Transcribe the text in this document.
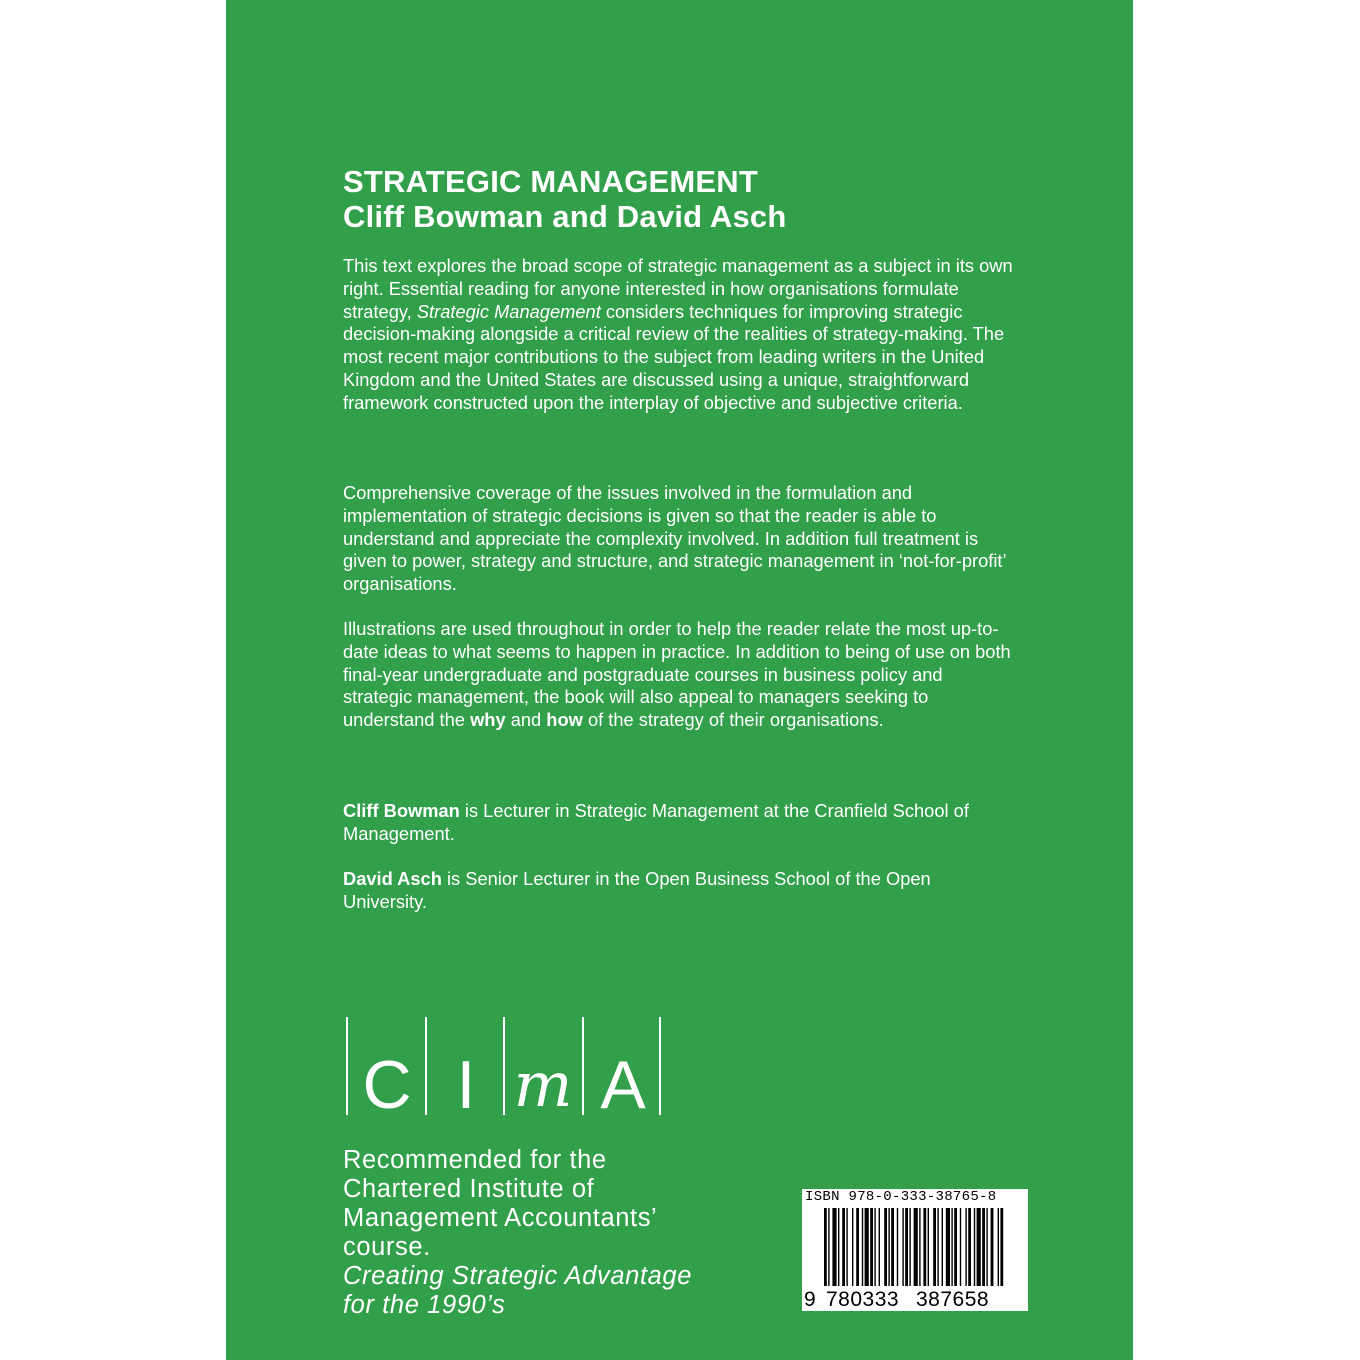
STRATEGIC MANAGEMENT
Cliff Bowman and David Asch

This text explores the broad scope of strategic management as a subject in its own right. Essential reading for anyone interested in how organisations formulate strategy, Strategic Management considers techniques for improving strategic decision-making alongside a critical review of the realities of strategy-making. The most recent major contributions to the subject from leading writers in the United Kingdom and the United States are discussed using a unique, straightforward framework constructed upon the interplay of objective and subjective criteria.

Comprehensive coverage of the issues involved in the formulation and implementation of strategic decisions is given so that the reader is able to understand and appreciate the complexity involved. In addition full treatment is given to power, strategy and structure, and strategic management in ‘not-for-profit’ organisations.

Illustrations are used throughout in order to help the reader relate the most up-to-date ideas to what seems to happen in practice. In addition to being of use on both final-year undergraduate and postgraduate courses in business policy and strategic management, the book will also appeal to managers seeking to understand the why and how of the strategy of their organisations.

Cliff Bowman is Lecturer in Strategic Management at the Cranfield School of Management.

David Asch is Senior Lecturer in the Open Business School of the Open University.

C I m A

Recommended for the
Chartered Institute of
Management Accountants’
course.
Creating Strategic Advantage
for the 1990’s

ISBN 978-0-333-38765-8
9 780333 387658
